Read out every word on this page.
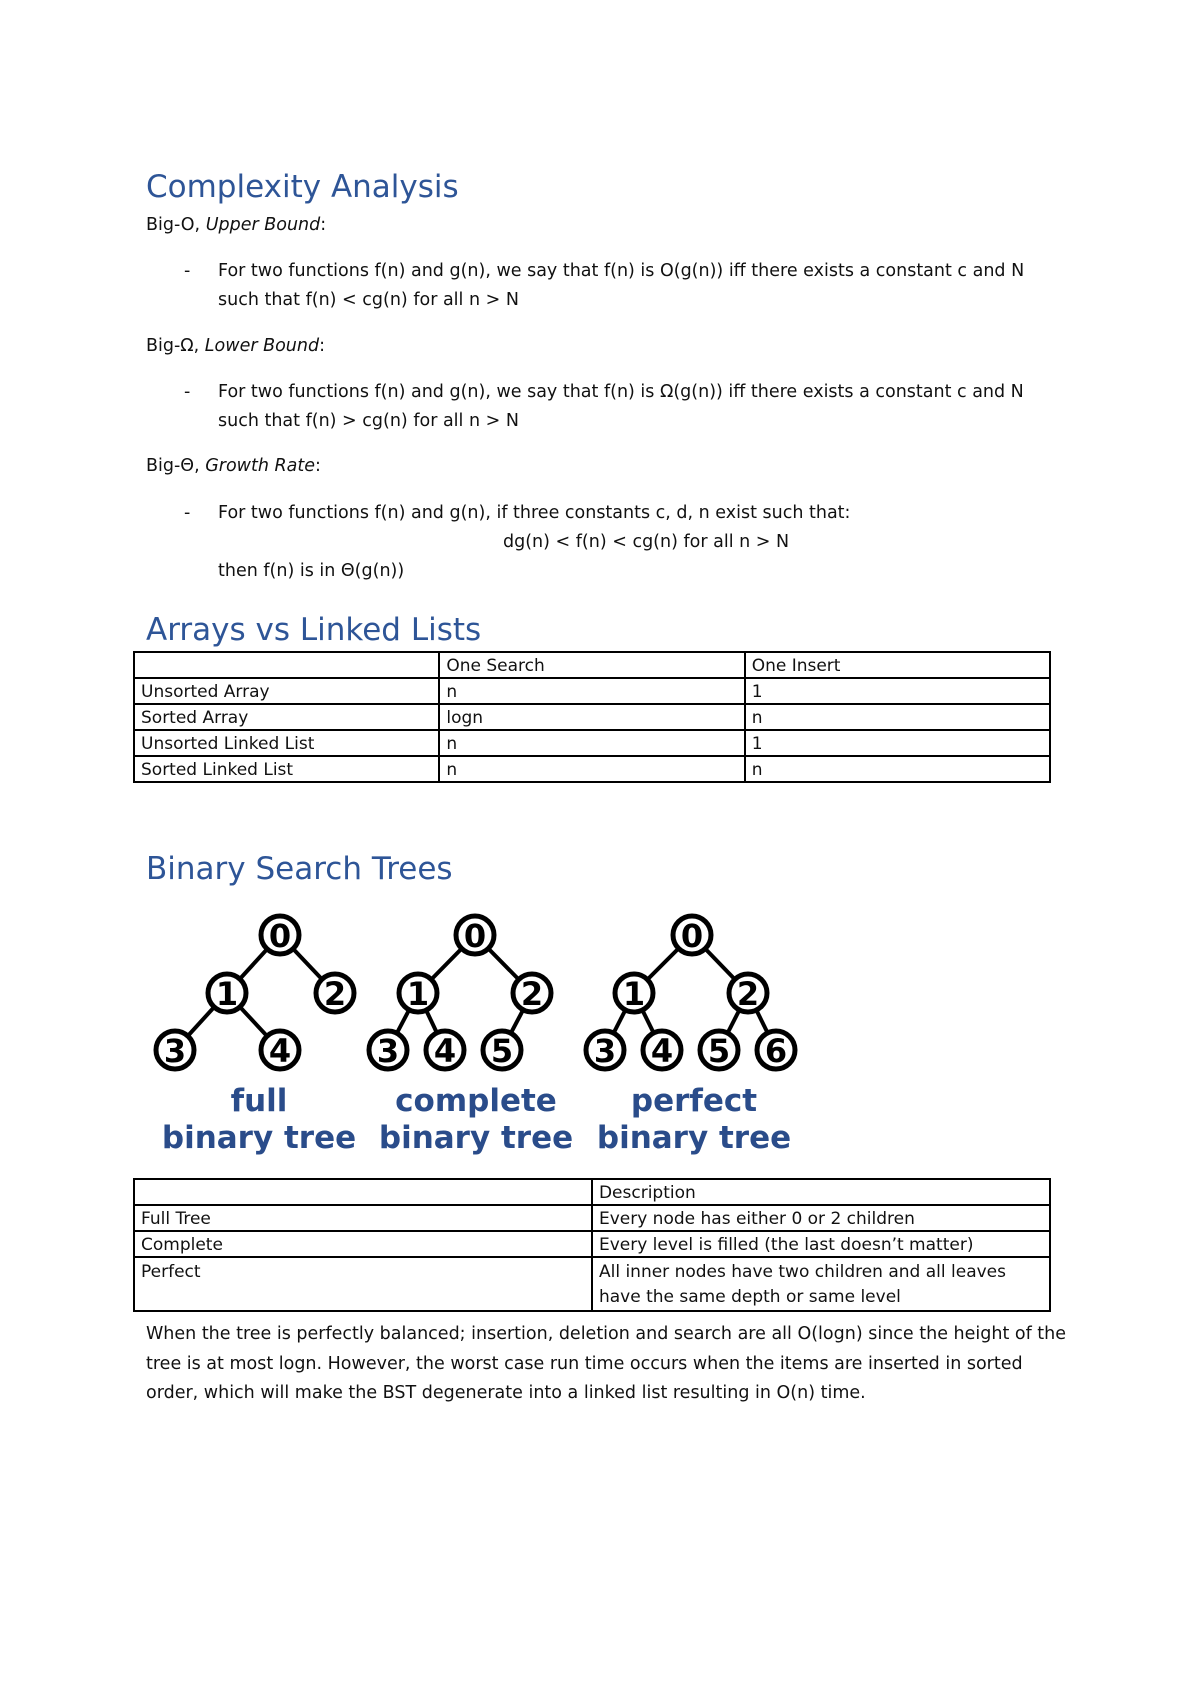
Complexity Analysis

Big-O, Upper Bound:

- For two functions f(n) and g(n), we say that f(n) is O(g(n)) iff there exists a constant c and N
such that f(n) < cg(n) for all n > N

Big-Ω, Lower Bound:

- For two functions f(n) and g(n), we say that f(n) is Ω(g(n)) iff there exists a constant c and N
such that f(n) > cg(n) for all n > N

Big-Θ, Growth Rate:

- For two functions f(n) and g(n), if three constants c, d, n exist such that:
dg(n) < f(n) < cg(n) for all n > N
then f(n) is in Θ(g(n))
Arrays vs Linked Lists
	One Search	One Insert
Unsorted Array	n	1
Sorted Array	logn	n
Unsorted Linked List	n	1
Sorted Linked List	n	n
Binary Search Trees
0
1	2
3	4
full
binary tree
0
1	2
3 4 5
complete
binary tree
0
1	2
3 4 5 6
perfect
binary tree
	Description
Full Tree	Every node has either 0 or 2 children
Complete	Every level is filled (the last doesn’t matter)
Perfect	All inner nodes have two children and all leaves have the same depth or same level

When the tree is perfectly balanced; insertion, deletion and search are all O(logn) since the height of the tree is at most logn. However, the worst case run time occurs when the items are inserted in sorted order, which will make the BST degenerate into a linked list resulting in O(n) time.
